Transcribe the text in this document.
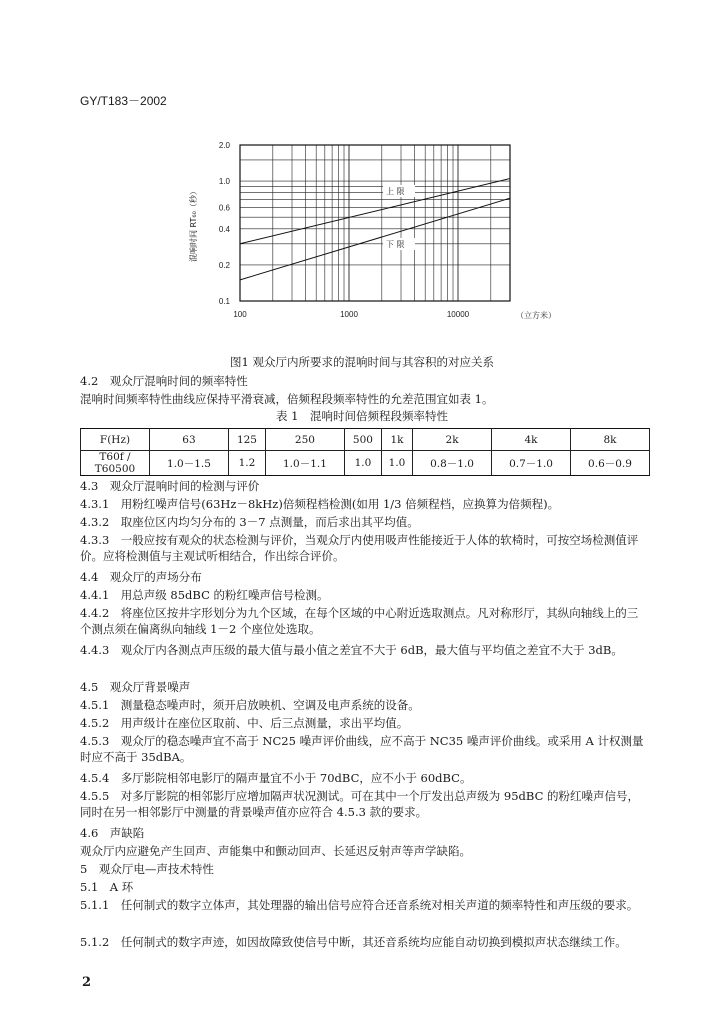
GY/T183－2002
2.0
1.0
0.6
0.4
0.2
0.1
100	1000	10000
上 限
下 限
混响时间 RT₆₀（秒）
（立方米）
图1 观众厅内所要求的混响时间与其容积的对应关系
4.2　观众厅混响时间的频率特性
混响时间频率特性曲线应保持平滑衰减，倍频程段频率特性的允差范围宜如表 1。
表 1　混响时间倍频程段频率特性
F(Hz)	63	125	250	500	1k	2k	4k	8k
T60f / T60500	1.0－1.5	1.2	1.0－1.1	1.0	1.0	0.8－1.0	0.7－1.0	0.6－0.9
4.3　观众厅混响时间的检测与评价
4.3.1　用粉红噪声信号(63Hz－8kHz)倍频程档检测(如用 1/3 倍频程档，应换算为倍频程)。
4.3.2　取座位区内均匀分布的 3－7 点测量，而后求出其平均值。
4.3.3　一般应按有观众的状态检测与评价，当观众厅内使用吸声性能接近于人体的软椅时，可按空场检测值评价。应将检测值与主观试听相结合，作出综合评价。
4.4　观众厅的声场分布
4.4.1　用总声级 85dBC 的粉红噪声信号检测。
4.4.2　将座位区按井字形划分为九个区域，在每个区域的中心附近选取测点。凡对称形厅，其纵向轴线上的三个测点须在偏离纵向轴线 1－2 个座位处选取。
4.4.3　观众厅内各测点声压级的最大值与最小值之差宜不大于 6dB，最大值与平均值之差宜不大于 3dB。
4.5　观众厅背景噪声
4.5.1　测量稳态噪声时，须开启放映机、空调及电声系统的设备。
4.5.2　用声级计在座位区取前、中、后三点测量，求出平均值。
4.5.3　观众厅的稳态噪声宜不高于 NC25 噪声评价曲线，应不高于 NC35 噪声评价曲线。或采用 A 计权测量时应不高于 35dBA。
4.5.4　多厅影院相邻电影厅的隔声量宜不小于 70dBC，应不小于 60dBC。
4.5.5　对多厅影院的相邻影厅应增加隔声状况测试。可在其中一个厅发出总声级为 95dBC 的粉红噪声信号，同时在另一相邻影厅中测量的背景噪声值亦应符合 4.5.3 款的要求。
4.6　声缺陷
观众厅内应避免产生回声、声能集中和颤动回声、长延迟反射声等声学缺陷。
5　观众厅电—声技术特性
5.1　A 环
5.1.1　任何制式的数字立体声，其处理器的输出信号应符合还音系统对相关声道的频率特性和声压级的要求。
5.1.2　任何制式的数字声迹，如因故障致使信号中断，其还音系统均应能自动切换到模拟声状态继续工作。
2
